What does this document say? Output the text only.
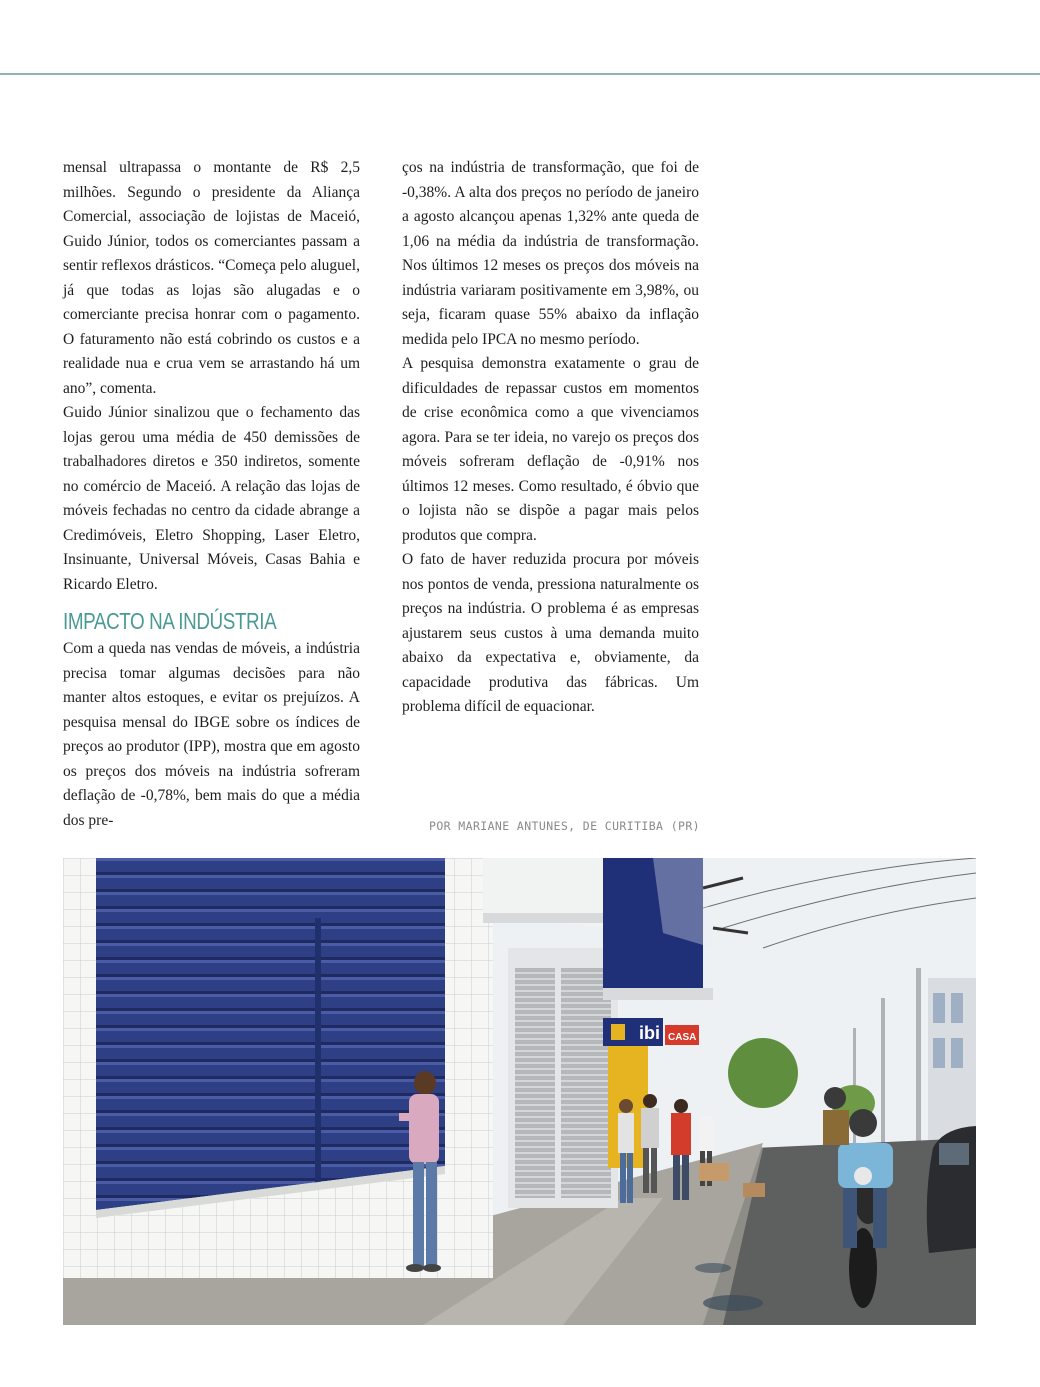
mensal ultrapassa o montante de R$ 2,5 milhões. Segundo o presidente da Aliança Comercial, associação de lojistas de Maceió, Guido Júnior, todos os comerciantes passam a sentir reflexos drásticos. “Começa pelo aluguel, já que todas as lojas são alugadas e o comerciante precisa honrar com o pagamento. O faturamento não está cobrindo os custos e a realidade nua e crua vem se arrastando há um ano”, comenta.

Guido Júnior sinalizou que o fechamento das lojas gerou uma média de 450 demissões de trabalhadores diretos e 350 indiretos, somente no comércio de Maceió. A relação das lojas de móveis fechadas no centro da cidade abrange a Credimóveis, Eletro Shopping, Laser Eletro, Insinuante, Universal Móveis, Casas Bahia e Ricardo Eletro.

IMPACTO NA INDÚSTRIA

Com a queda nas vendas de móveis, a indústria precisa tomar algumas decisões para não manter altos estoques, e evitar os prejuízos. A pesquisa mensal do IBGE sobre os índices de preços ao produtor (IPP), mostra que em agosto os preços dos móveis na indústria sofreram deflação de -0,78%, bem mais do que a média dos pre-

ços na indústria de transformação, que foi de -0,38%. A alta dos preços no período de janeiro a agosto alcançou apenas 1,32% ante queda de 1,06 na média da indústria de transformação. Nos últimos 12 meses os preços dos móveis na indústria variaram positivamente em 3,98%, ou seja, ficaram quase 55% abaixo da inflação medida pelo IPCA no mesmo período.

A pesquisa demonstra exatamente o grau de dificuldades de repassar custos em momentos de crise econômica como a que vivenciamos agora. Para se ter ideia, no varejo os preços dos móveis sofreram deflação de -0,91% nos últimos 12 meses. Como resultado, é óbvio que o lojista não se dispõe a pagar mais pelos produtos que compra.

O fato de haver reduzida procura por móveis nos pontos de venda, pressiona naturalmente os preços na indústria. O problema é as empresas ajustarem seus custos à uma demanda muito abaixo da expectativa e, obviamente, da capacidade produtiva das fábricas. Um problema difícil de equacionar.

POR MARIANE ANTUNES, DE CURITIBA (PR)
ibi CASA
